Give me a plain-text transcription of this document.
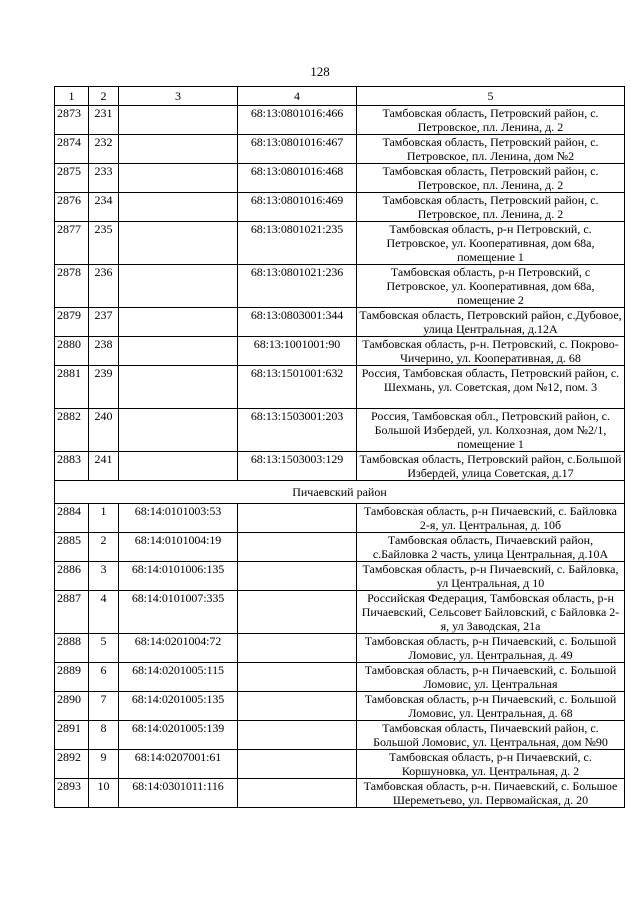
128
1	2	3	4	5
2873	231		68:13:0801016:466	Тамбовская область, Петровский район, с. Петровское, пл. Ленина, д. 2
2874	232		68:13:0801016:467	Тамбовская область, Петровский район, с. Петровское, пл. Ленина, дом №2
2875	233		68:13:0801016:468	Тамбовская область, Петровский район, с. Петровское, пл. Ленина, д. 2
2876	234		68:13:0801016:469	Тамбовская область, Петровский район, с. Петровское, пл. Ленина, д. 2
2877	235		68:13:0801021:235	Тамбовская область, р-н Петровский, с. Петровское, ул. Кооперативная, дом 68а, помещение 1
2878	236		68:13:0801021:236	Тамбовская область, р-н Петровский, с Петровское, ул. Кооперативная, дом 68а, помещение 2
2879	237		68:13:0803001:344	Тамбовская область, Петровский район, с.Дубовое, улица Центральная, д.12А
2880	238		68:13:1001001:90	Тамбовская область, р-н. Петровский, с. Покрово-Чичерино, ул. Кооперативная, д. 68
2881	239		68:13:1501001:632	Россия, Тамбовская область, Петровский район, с. Шехмань, ул. Советская, дом №12, пом. 3
2882	240		68:13:1503001:203	Россия, Тамбовская обл., Петровский район, с. Большой Избердей, ул. Колхозная, дом №2/1, помещение 1
2883	241		68:13:1503003:129	Тамбовская область, Петровский район, с.Большой Избердей, улица Советская, д.17
Пичаевский район				
2884	1	68:14:0101003:53		Тамбовская область, р-н Пичаевский, с. Байловка 2-я, ул. Центральная, д. 10б
2885	2	68:14:0101004:19		Тамбовская область, Пичаевский район, с.Байловка 2 часть, улица Центральная, д.10А
2886	3	68:14:0101006:135		Тамбовская область, р-н Пичаевский, с. Байловка, ул Центральная, д 10
2887	4	68:14:0101007:335		Российская Федерация, Тамбовская область, р-н Пичаевский, Сельсовет Байловский, с Байловка 2-я, ул Заводская, 21а
2888	5	68:14:0201004:72		Тамбовская область, р-н Пичаевский, с. Большой Ломовис, ул. Центральная, д. 49
2889	6	68:14:0201005:115		Тамбовская область, р-н Пичаевский, с. Большой Ломовис, ул. Центральная
2890	7	68:14:0201005:135		Тамбовская область, р-н Пичаевский, с. Большой Ломовис, ул. Центральная, д. 68
2891	8	68:14:0201005:139		Тамбовская область, Пичаевский район, с. Большой Ломовис, ул. Центральная, дом №90
2892	9	68:14:0207001:61		Тамбовская область, р-н Пичаевский, с. Коршуновка, ул. Центральная, д. 2
2893	10	68:14:0301011:116		Тамбовская область, р-н. Пичаевский, с. Большое Шереметьево, ул. Первомайская, д. 20
